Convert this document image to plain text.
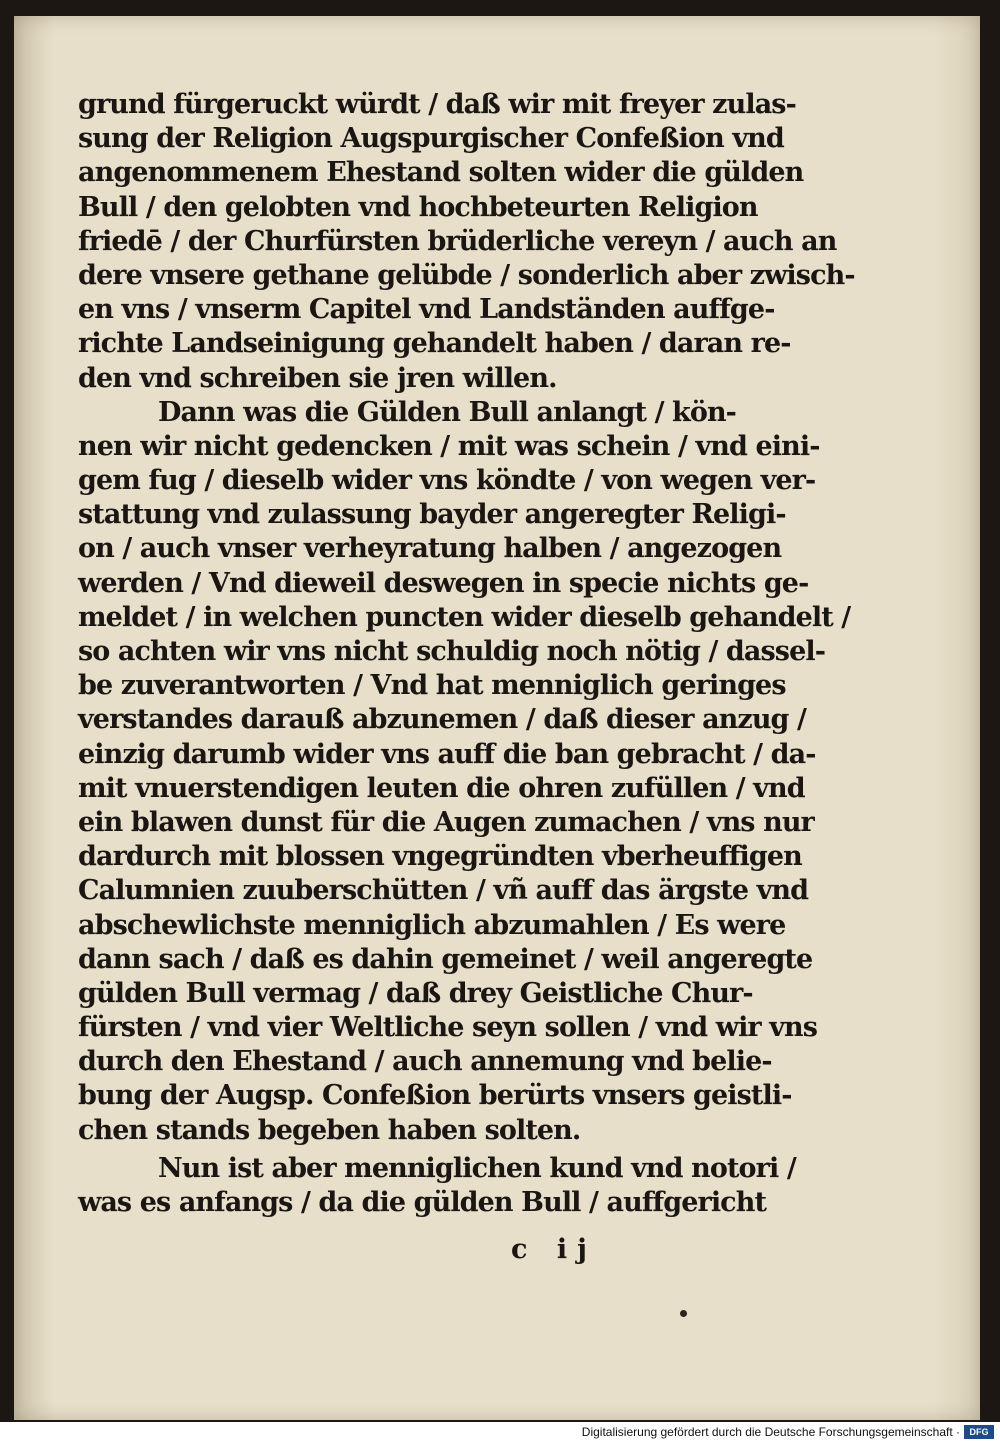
grund fürgeruckt würdt / daß wir mit freyer zulas-
sung der Religion Augspurgischer Confeßion vnd
angenommenem Ehestand solten wider die gülden
Bull / den gelobten vnd hochbeteurten Religion
friedē / der Churfürsten brüderliche vereyn / auch an
dere vnsere gethane gelübde / sonderlich aber zwisch-
en vns / vnserm Capitel vnd Landständen auffge-
richte Landseinigung gehandelt haben / daran re-
den vnd schreiben sie jren willen.
Dann was die Gülden Bull anlangt / kön-
nen wir nicht gedencken / mit was schein / vnd eini-
gem fug / dieselb wider vns köndte / von wegen ver-
stattung vnd zulassung bayder angeregter Religi-
on / auch vnser verheyratung halben / angezogen
werden / Vnd dieweil deswegen in specie nichts ge-
meldet / in welchen puncten wider dieselb gehandelt /
so achten wir vns nicht schuldig noch nötig / dassel-
be zuverantworten / Vnd hat menniglich geringes
verstandes darauß abzunemen / daß dieser anzug /
einzig darumb wider vns auff die ban gebracht / da-
mit vnuerstendigen leuten die ohren zufüllen / vnd
ein blawen dunst für die Augen zumachen / vns nur
dardurch mit blossen vngegründten vberheuffigen
Calumnien zuuberschütten / vñ auff das ärgste vnd
abschewlichste menniglich abzumahlen / Es were
dann sach / daß es dahin gemeinet / weil angeregte
gülden Bull vermag / daß drey Geistliche Chur-
fürsten / vnd vier Weltliche seyn sollen / vnd wir vns
durch den Ehestand / auch annemung vnd belie-
bung der Augsp. Confeßion berürts vnsers geistli-
chen stands begeben haben solten.
Nun ist aber menniglichen kund vnd notori /
was es anfangs / da die gülden Bull / auffgericht
c ij
Digitalisierung gefördert durch die Deutsche Forschungsgemeinschaft ·	DFG
